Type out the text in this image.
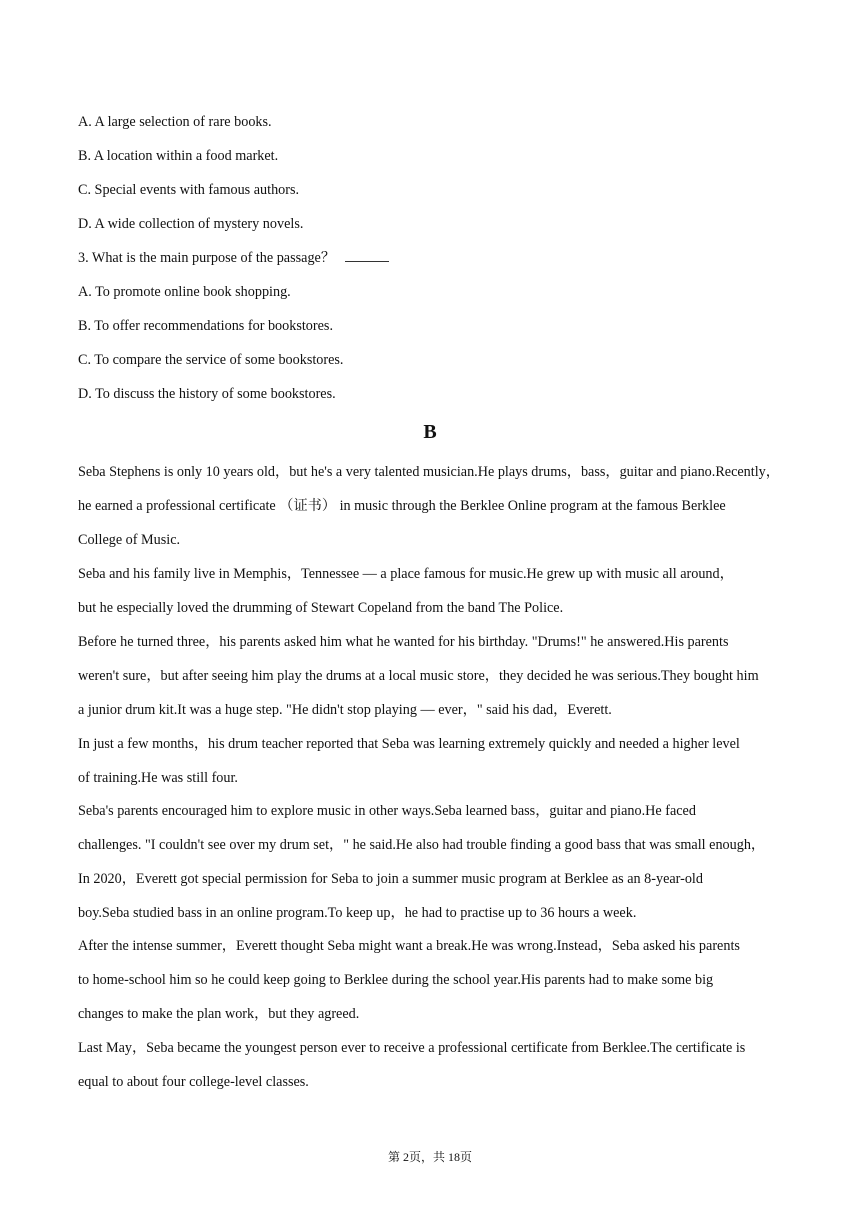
A. A large selection of rare books.
B. A location within a food market.
C. Special events with famous authors.
D. A wide collection of mystery novels.
3. What is the main purpose of the passage？
A. To promote online book shopping.
B. To offer recommendations for bookstores.
C. To compare the service of some bookstores.
D. To discuss the history of some bookstores.
B
Seba Stephens is only 10 years old，but he's a very talented musician.He plays drums，bass，guitar and piano.Recently，
he earned a professional certificate （证书） in music through the Berklee Online program at the famous Berklee
College of Music.
Seba and his family live in Memphis，Tennessee — a place famous for music.He grew up with music all around，
but he especially loved the drumming of Stewart Copeland from the band The Police.
Before he turned three，his parents asked him what he wanted for his birthday. "Drums!" he answered.His parents
weren't sure，but after seeing him play the drums at a local music store，they decided he was serious.They bought him
a junior drum kit.It was a huge step. "He didn't stop playing — ever，" said his dad，Everett.
In just a few months，his drum teacher reported that Seba was learning extremely quickly and needed a higher level
of training.He was still four.
Seba's parents encouraged him to explore music in other ways.Seba learned bass，guitar and piano.He faced
challenges. "I couldn't see over my drum set，" he said.He also had trouble finding a good bass that was small enough，
In 2020，Everett got special permission for Seba to join a summer music program at Berklee as an 8-year-old
boy.Seba studied bass in an online program.To keep up，he had to practise up to 36 hours a week.
After the intense summer，Everett thought Seba might want a break.He was wrong.Instead，Seba asked his parents
to home-school him so he could keep going to Berklee during the school year.His parents had to make some big
changes to make the plan work，but they agreed.
Last May，Seba became the youngest person ever to receive a professional certificate from Berklee.The certificate is
equal to about four college-level classes.
第 2页，共 18页
